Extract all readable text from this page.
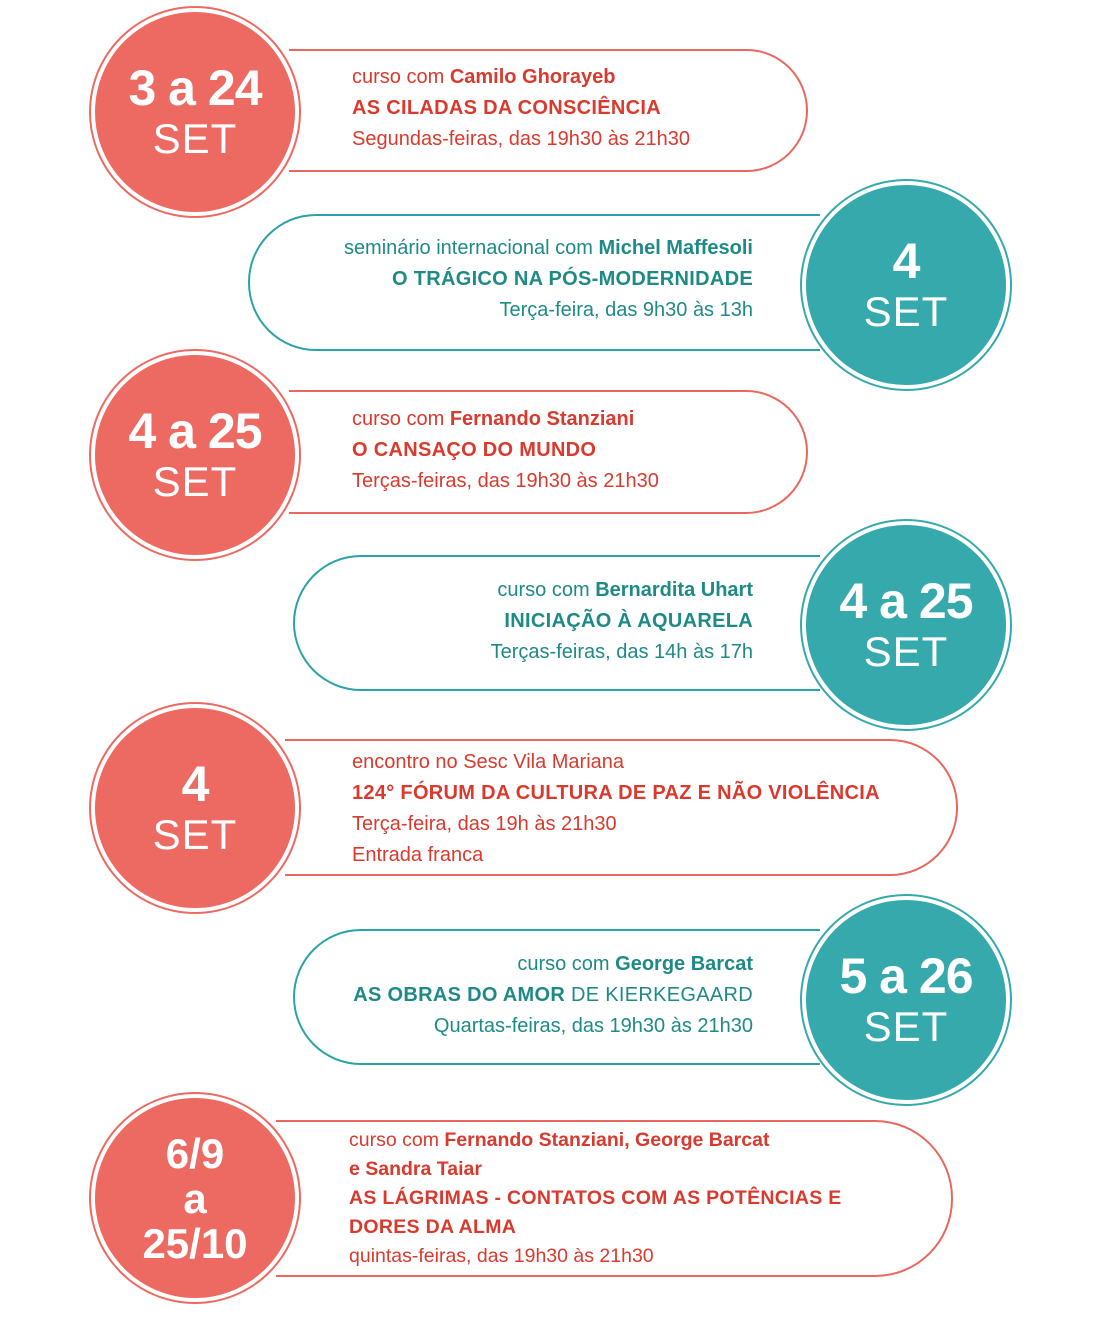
3 a 24
SET
curso com Camilo Ghorayeb
AS CILADAS DA CONSCIÊNCIA
Segundas-feiras, das 19h30 às 21h30
4
SET
seminário internacional com Michel Maffesoli
O TRÁGICO NA PÓS-MODERNIDADE
Terça-feira, das 9h30 às 13h
4 a 25
SET
curso com Fernando Stanziani
O CANSAÇO DO MUNDO
Terças-feiras, das 19h30 às 21h30
4 a 25
SET
curso com Bernardita Uhart
INICIAÇÃO À AQUARELA
Terças-feiras, das 14h às 17h
4
SET
encontro no Sesc Vila Mariana
124° FÓRUM DA CULTURA DE PAZ E NÃO VIOLÊNCIA
Terça-feira, das 19h às 21h30
Entrada franca
5 a 26
SET
curso com George Barcat
AS OBRAS DO AMOR DE KIERKEGAARD
Quartas-feiras, das 19h30 às 21h30
6/9
a
25/10
curso com Fernando Stanziani, George Barcat
e Sandra Taiar
AS LÁGRIMAS - CONTATOS COM AS POTÊNCIAS E
DORES DA ALMA
quintas-feiras, das 19h30 às 21h30
